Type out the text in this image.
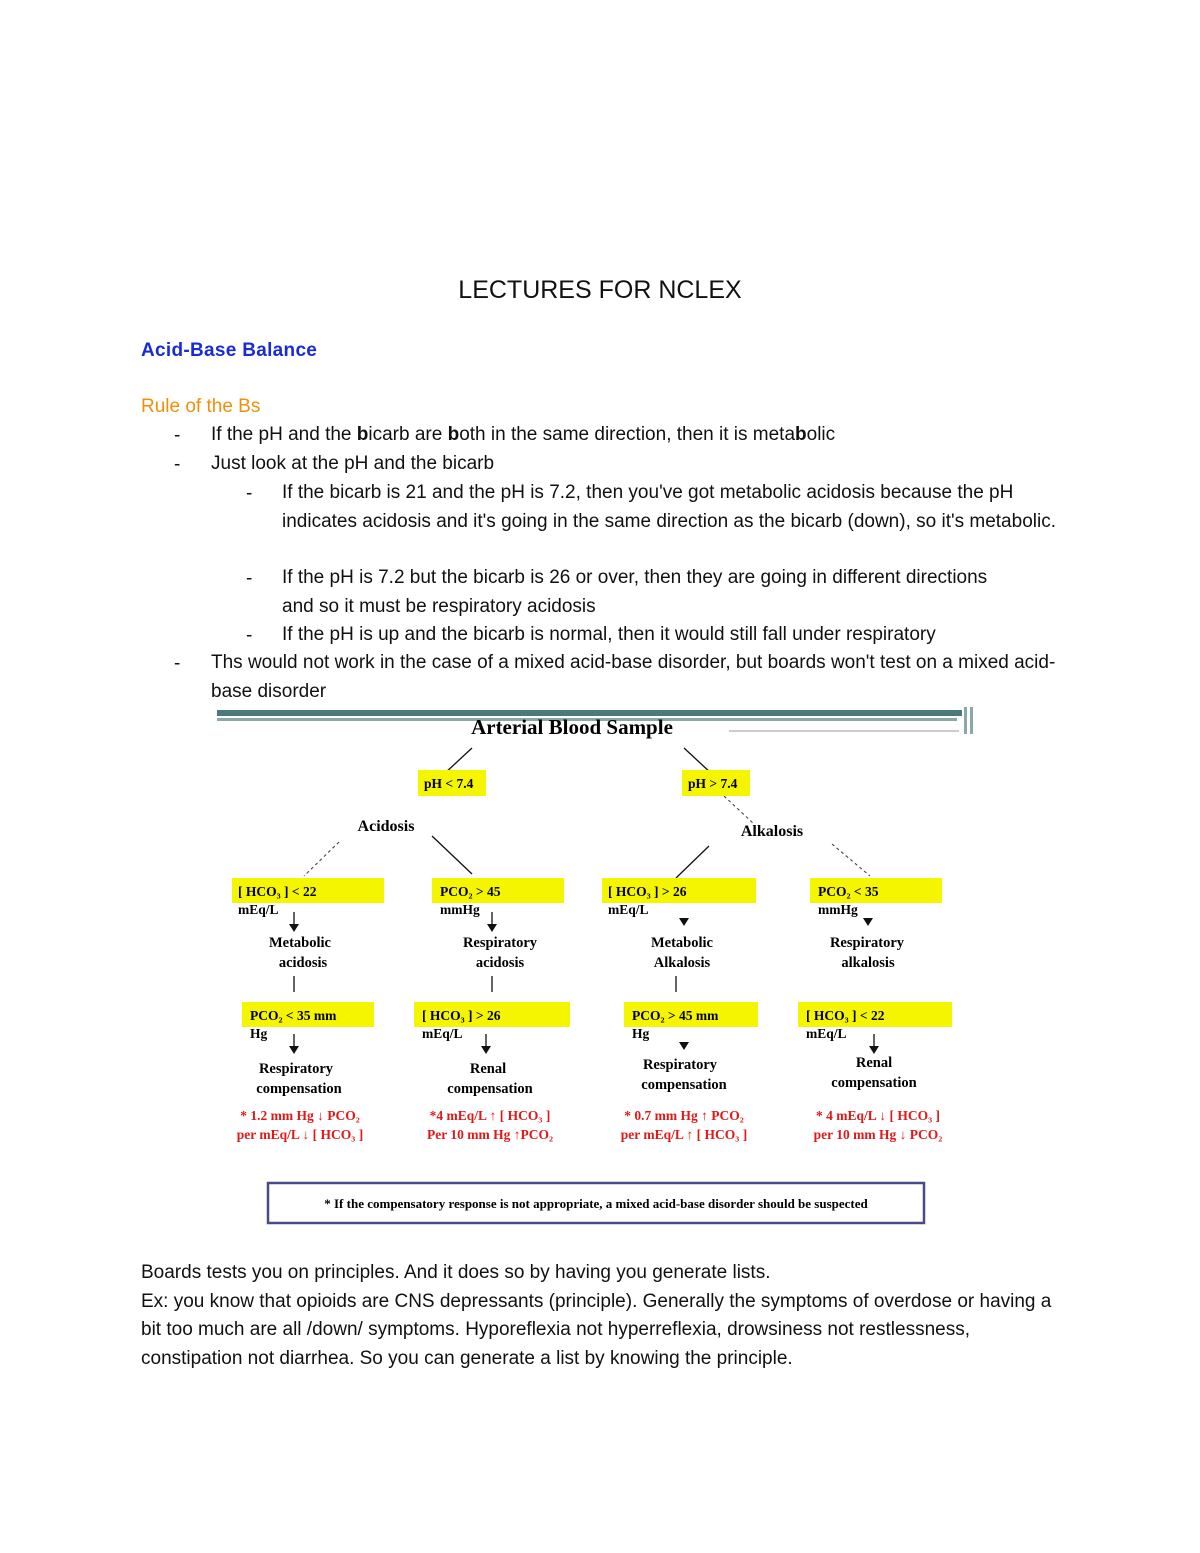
LECTURES FOR NCLEX
Acid-Base Balance
Rule of the Bs
- If the pH and the bicarb are both in the same direction, then it is metabolic
- Just look at the pH and the bicarb
- If the bicarb is 21 and the pH is 7.2, then you've got metabolic acidosis because the pH indicates acidosis and it's going in the same direction as the bicarb (down), so it's metabolic.
- If the pH is 7.2 but the bicarb is 26 or over, then they are going in different directions and so it must be respiratory acidosis
- If the pH is up and the bicarb is normal, then it would still fall under respiratory
- Ths would not work in the case of a mixed acid-base disorder, but boards won't test on a mixed acid-base disorder
Arterial Blood Sample
pH < 7.4	pH > 7.4
Acidosis	Alkalosis
[ HCO₃ ] < 22
mEq/L
Metabolic
acidosis
PCO₂ < 35 mm
Hg
Respiratory
compensation
* 1.2 mm Hg ↓ PCO₂
per mEq/L ↓ [ HCO₃ ]
PCO₂ > 45
mmHg
Respiratory
acidosis
[ HCO₃ ] > 26
mEq/L
Renal
compensation
*4 mEq/L ↑ [ HCO₃ ]
Per 10 mm Hg ↑PCO₂
[ HCO₃ ] > 26
mEq/L
Metabolic
Alkalosis
PCO₂ > 45 mm
Hg
Respiratory
compensation
* 0.7 mm Hg ↑ PCO₂
per mEq/L ↑ [ HCO₃ ]
PCO₂ < 35
mmHg
Respiratory
alkalosis
[ HCO₃ ] < 22
mEq/L
Renal
compensation
* 4 mEq/L ↓ [ HCO₃ ]
per 10 mm Hg ↓ PCO₂
* If the compensatory response is not appropriate, a mixed acid-base disorder should be suspected

Boards tests you on principles. And it does so by having you generate lists.

Ex: you know that opioids are CNS depressants (principle). Generally the symptoms of overdose or having a bit too much are all /down/ symptoms. Hyporeflexia not hyperreflexia, drowsiness not restlessness, constipation not diarrhea. So you can generate a list by knowing the principle.
